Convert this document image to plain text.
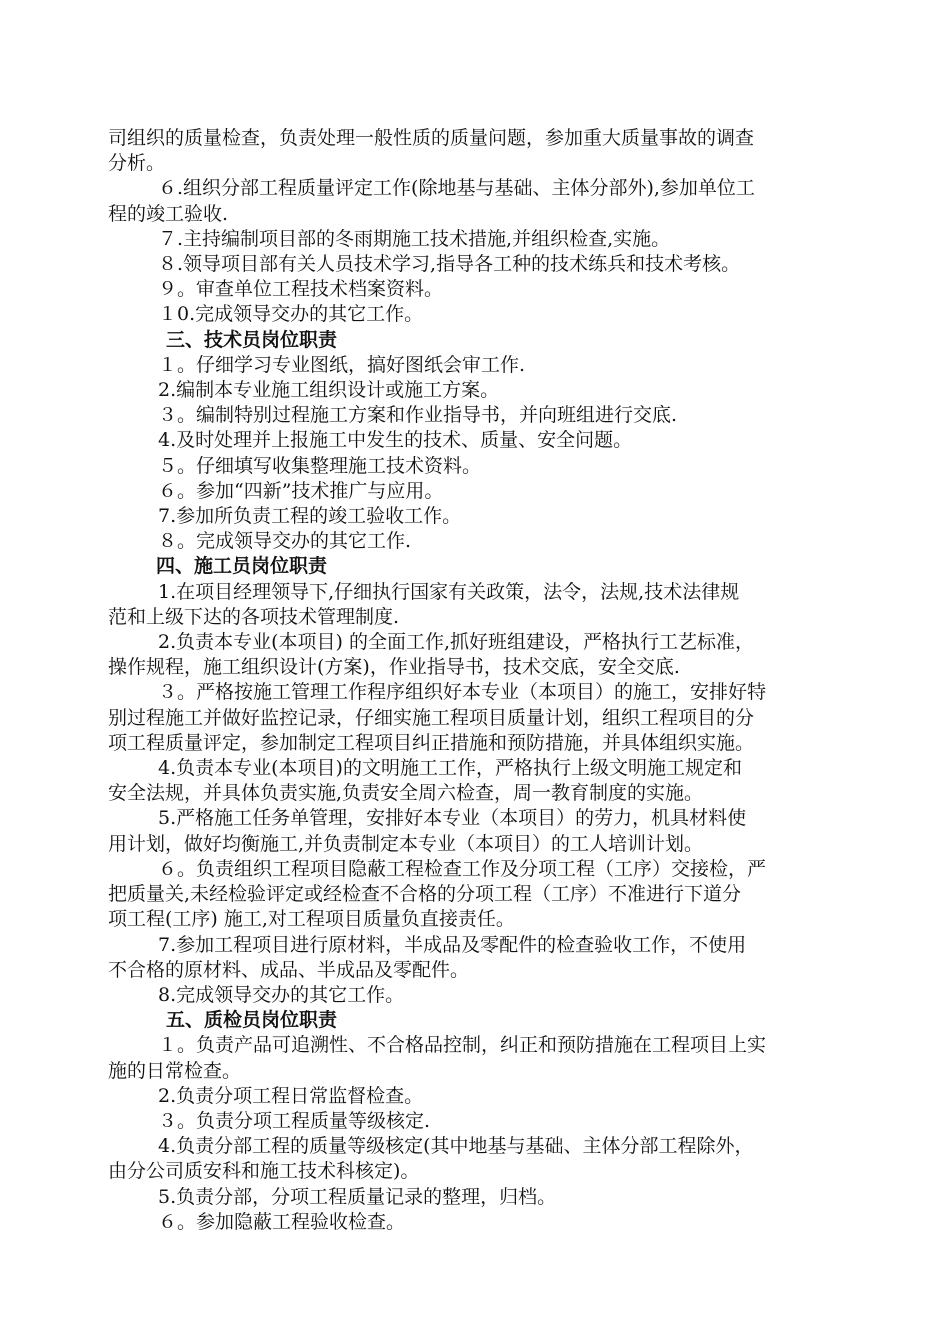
司组织的质量检查，负责处理一般性质的质量问题，参加重大质量事故的调查

分析。

６.组织分部工程质量评定工作(除地基与基础、主体分部外),参加单位工

程的竣工验收.

７.主持编制项目部的冬雨期施工技术措施,并组织检查,实施。

８.领导项目部有关人员技术学习,指导各工种的技术练兵和技术考核。

９。审查单位工程技术档案资料。

１0.完成领导交办的其它工作。

三、技术员岗位职责

１。仔细学习专业图纸，搞好图纸会审工作.

2.编制本专业施工组织设计或施工方案。

３。编制特别过程施工方案和作业指导书，并向班组进行交底.

4.及时处理并上报施工中发生的技术、质量、安全问题。

５。仔细填写收集整理施工技术资料。

６。参加“四新”技术推广与应用。

7.参加所负责工程的竣工验收工作。

８。完成领导交办的其它工作.

四、施工员岗位职责

1.在项目经理领导下,仔细执行国家有关政策，法令，法规,技术法律规

范和上级下达的各项技术管理制度.

2.负责本专业(本项目) 的全面工作,抓好班组建设，严格执行工艺标准，

操作规程，施工组织设计(方案)，作业指导书，技术交底，安全交底.

３。严格按施工管理工作程序组织好本专业（本项目）的施工，安排好特

别过程施工并做好监控记录，仔细实施工程项目质量计划，组织工程项目的分

项工程质量评定，参加制定工程项目纠正措施和预防措施，并具体组织实施。

4.负责本专业(本项目)的文明施工工作，严格执行上级文明施工规定和

安全法规，并具体负责实施,负责安全周六检查，周一教育制度的实施。

5.严格施工任务单管理，安排好本专业（本项目）的劳力，机具材料使

用计划，做好均衡施工,并负责制定本专业（本项目）的工人培训计划。

６。负责组织工程项目隐蔽工程检查工作及分项工程（工序）交接检，严

把质量关,未经检验评定或经检查不合格的分项工程（工序）不准进行下道分

项工程(工序) 施工,对工程项目质量负直接责任。

7.参加工程项目进行原材料，半成品及零配件的检查验收工作，不使用

不合格的原材料、成品、半成品及零配件。

8.完成领导交办的其它工作。

五、质检员岗位职责

１。负责产品可追溯性、不合格品控制，纠正和预防措施在工程项目上实

施的日常检查。

2.负责分项工程日常监督检查。

３。负责分项工程质量等级核定.

4.负责分部工程的质量等级核定(其中地基与基础、主体分部工程除外，

由分公司质安科和施工技术科核定)。

5.负责分部，分项工程质量记录的整理，归档。

６。参加隐蔽工程验收检查。
